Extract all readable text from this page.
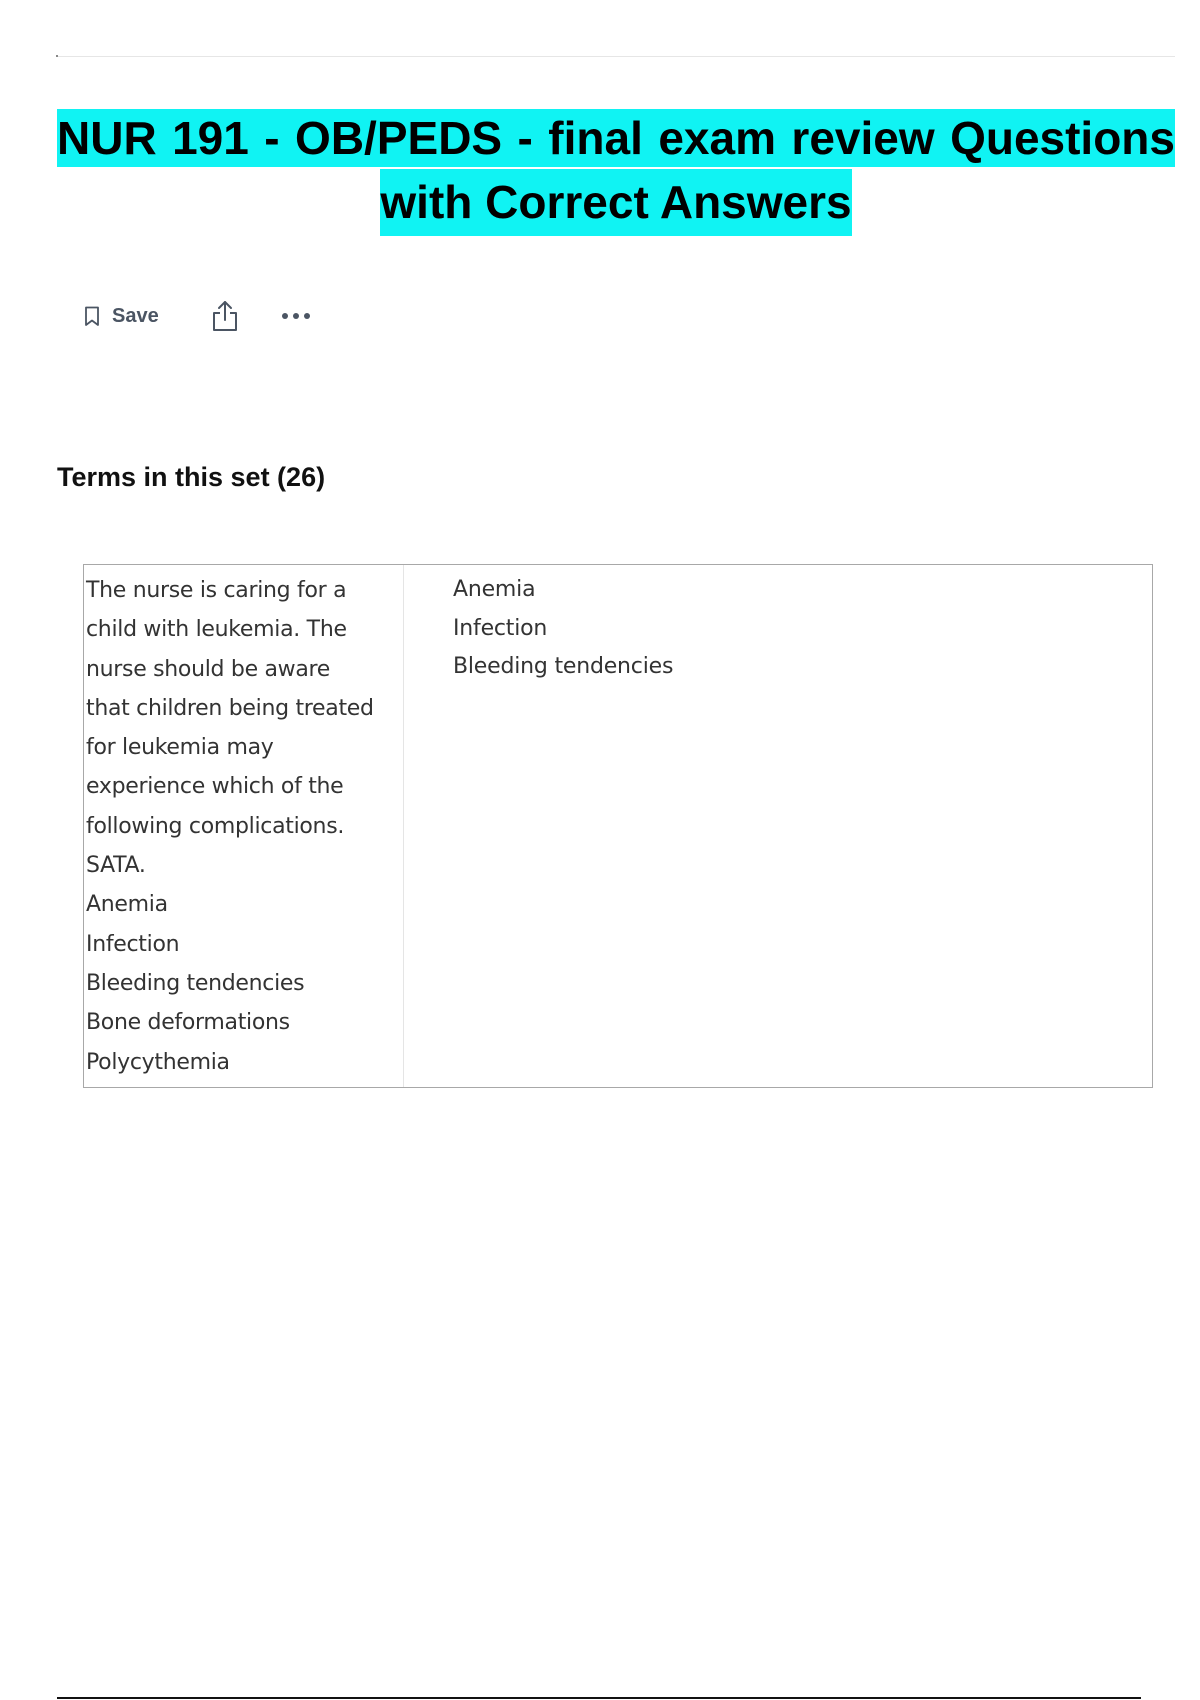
NUR 191 - OB/PEDS - final exam review Questions
with Correct Answers
Save
Terms in this set (26)
The nurse is caring for a
child with leukemia. The
nurse should be aware
that children being treated
for leukemia may
experience which of the
following complications.
SATA.
Anemia
Infection
Bleeding tendencies
Bone deformations
Polycythemia
Anemia
Infection
Bleeding tendencies
